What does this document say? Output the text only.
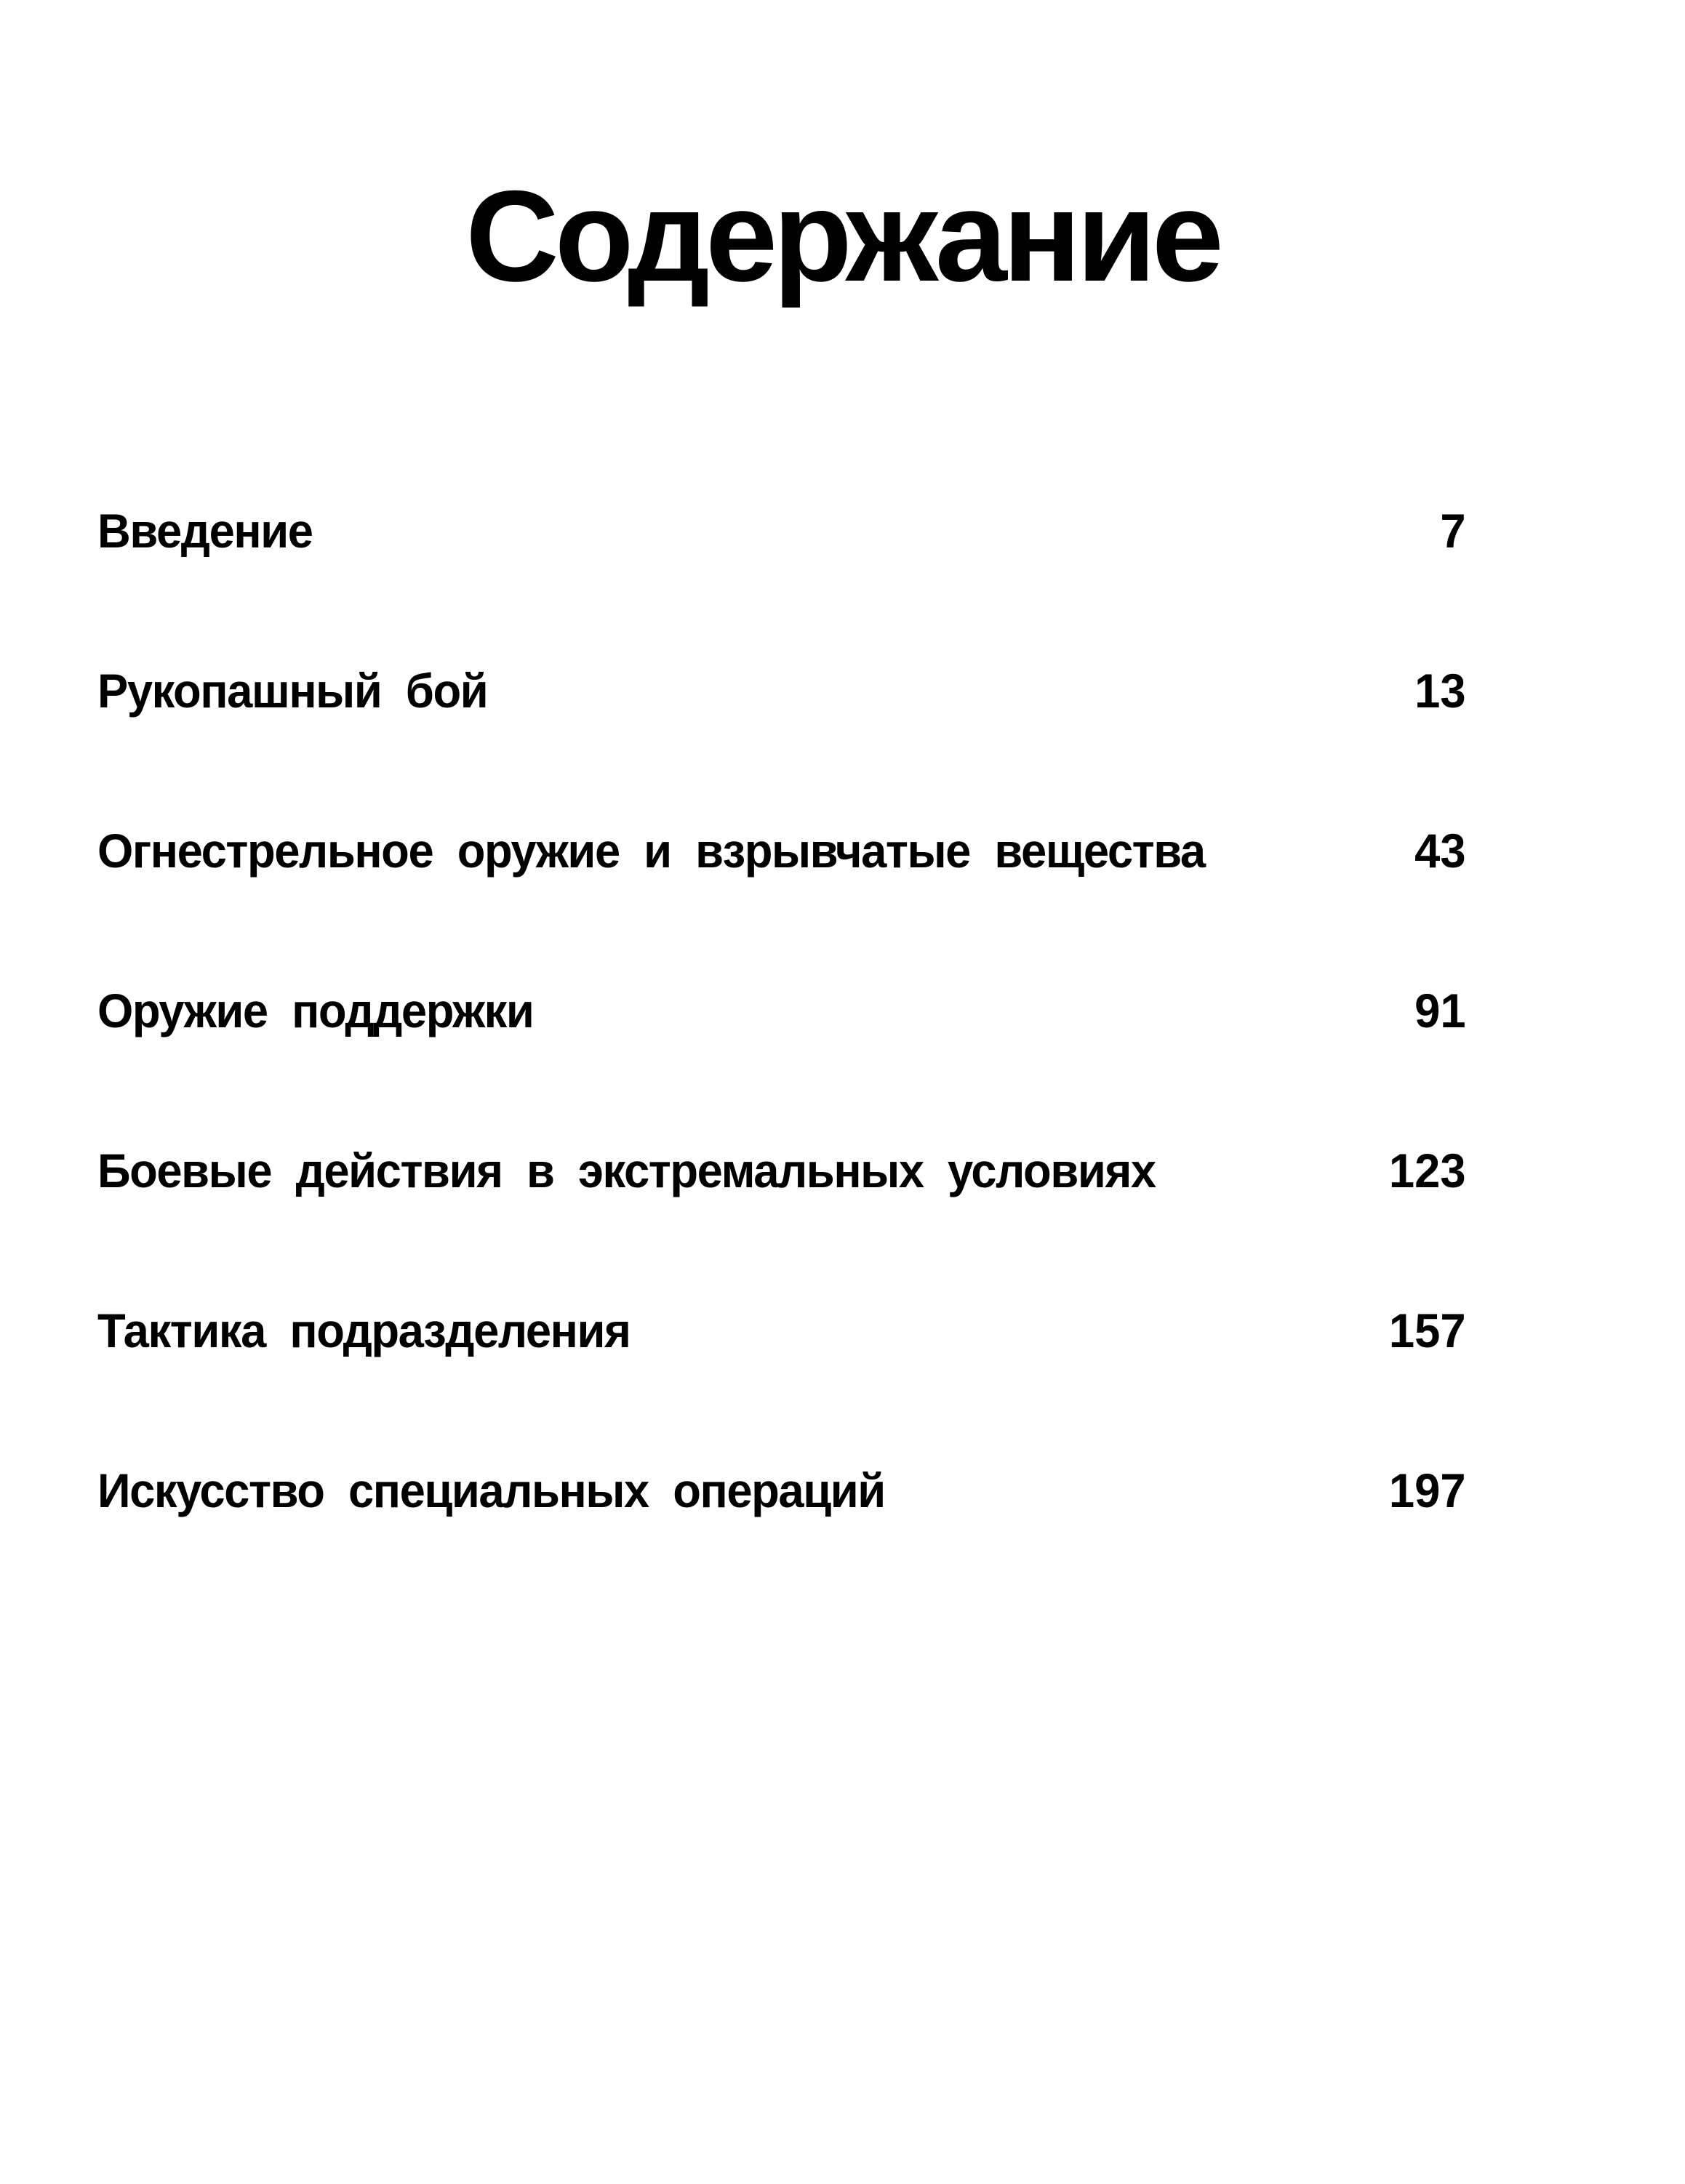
Содержание
Введение	7
Рукопашный бой	13
Огнестрельное оружие и взрывчатые вещества	43
Оружие поддержки	91
Боевые действия в экстремальных условиях	123
Тактика подразделения	157
Искусство специальных операций	197
